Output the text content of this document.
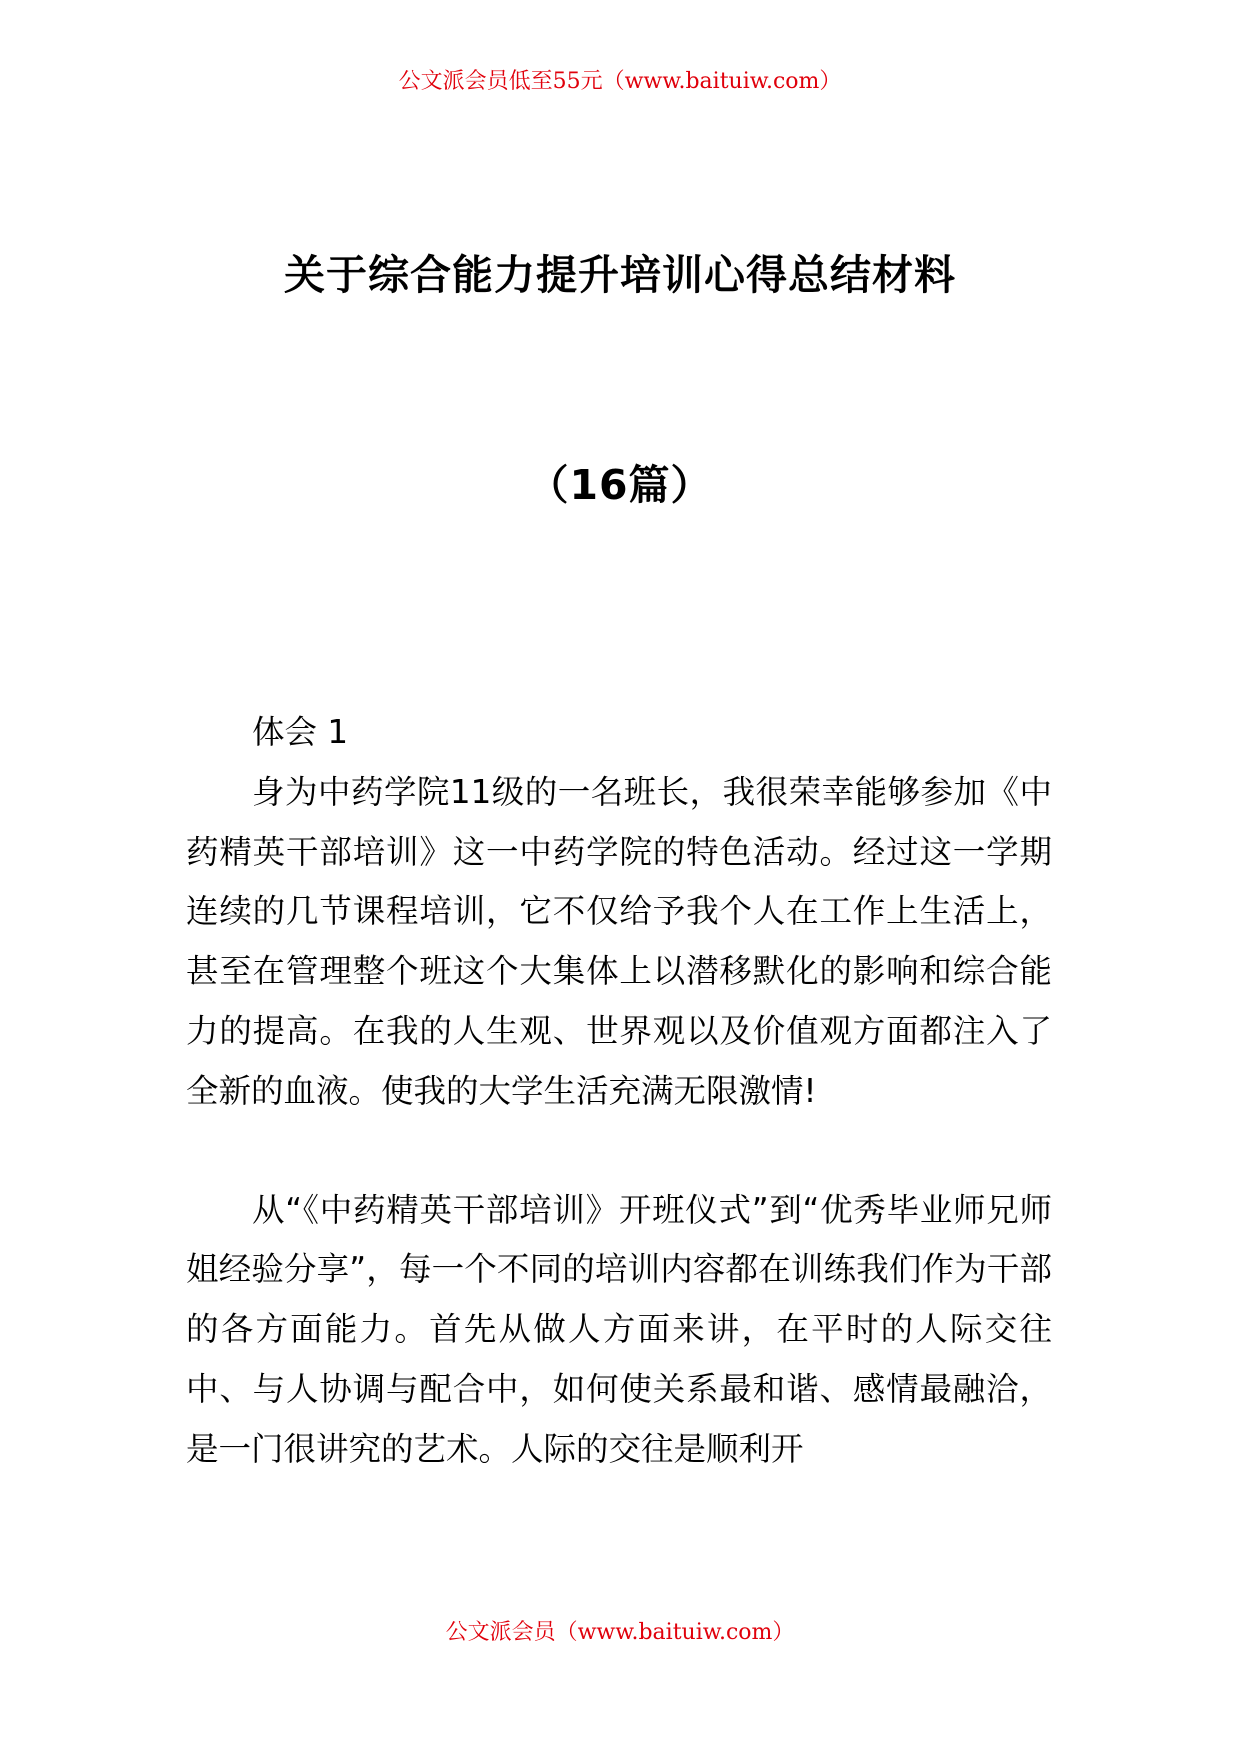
公文派会员低至55元（www.baituiw.com）

关于综合能力提升培训心得总结材料
（16篇）

体会 1

身为中药学院11级的一名班长，我很荣幸能够参加《中药精英干部培训》这一中药学院的特色活动。经过这一学期连续的几节课程培训，它不仅给予我个人在工作上生活上，甚至在管理整个班这个大集体上以潜移默化的影响和综合能力的提高。在我的人生观、世界观以及价值观方面都注入了全新的血液。使我的大学生活充满无限激情!

从“《中药精英干部培训》开班仪式”到“优秀毕业师兄师姐经验分享”，每一个不同的培训内容都在训练我们作为干部的各方面能力。首先从做人方面来讲，在平时的人际交往中、与人协调与配合中，如何使关系最和谐、感情最融洽，是一门很讲究的艺术。人际的交往是顺利开

公文派会员（www.baituiw.com）
